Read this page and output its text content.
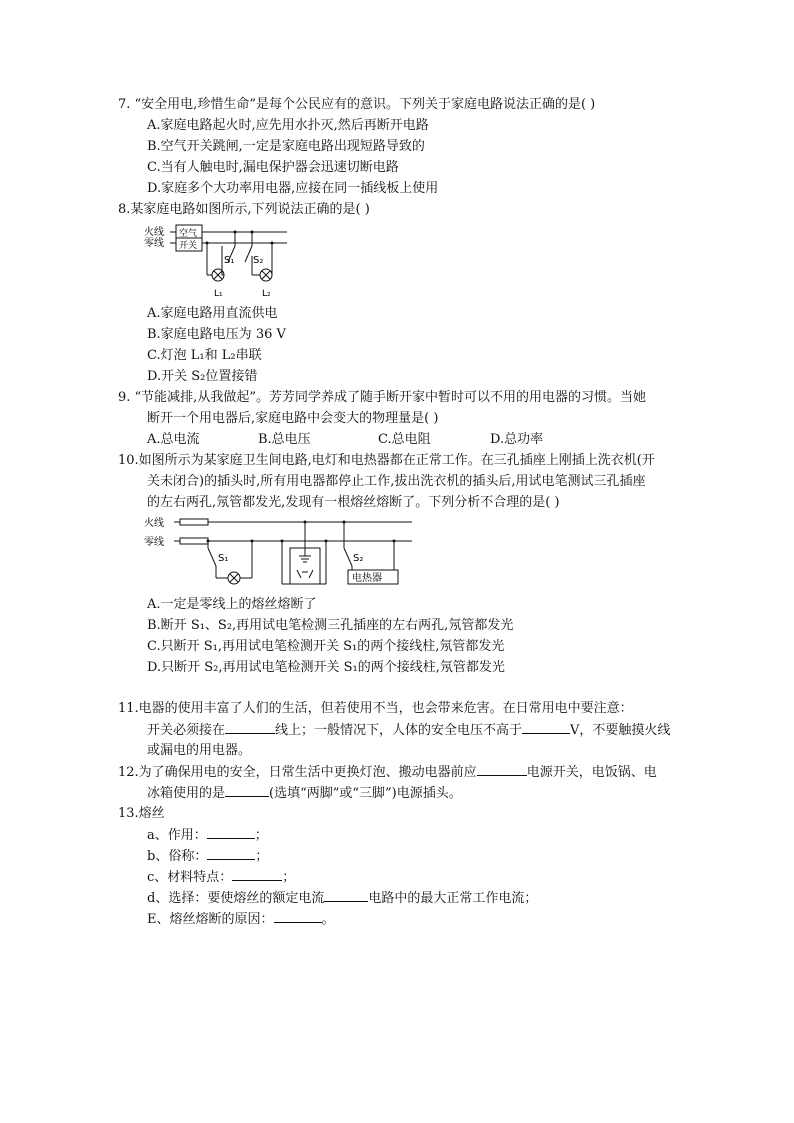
7. “安全用电,珍惜生命”是每个公民应有的意识。下列关于家庭电路说法正确的是( )
A.家庭电路起火时,应先用水扑灭,然后再断开电路
B.空气开关跳闸,一定是家庭电路出现短路导致的
C.当有人触电时,漏电保护器会迅速切断电路
D.家庭多个大功率用电器,应接在同一插线板上使用
8.某家庭电路如图所示,下列说法正确的是( )
火线
零线
空气
开关
S₁ S₂
L₁	L₂
A.家庭电路用直流供电
B.家庭电路电压为 36 V
C.灯泡 L₁和 L₂串联
D.开关 S₂位置接错
9. “节能减排,从我做起”。芳芳同学养成了随手断开家中暂时可以不用的用电器的习惯。当她
断开一个用电器后,家庭电路中会变大的物理量是( )
A.总电流	B.总电压	C.总电阻	D.总功率
10.如图所示为某家庭卫生间电路,电灯和电热器都在正常工作。在三孔插座上刚插上洗衣机(开
关未闭合)的插头时,所有用电器都停止工作,拔出洗衣机的插头后,用试电笔测试三孔插座
的左右两孔,氖管都发光,发现有一根熔丝熔断了。下列分析不合理的是( )
火线
零线
S₁	S₂
电热器
A.一定是零线上的熔丝熔断了
B.断开 S₁、S₂,再用试电笔检测三孔插座的左右两孔,氖管都发光
C.只断开 S₁,再用试电笔检测开关 S₁的两个接线柱,氖管都发光
D.只断开 S₂,再用试电笔检测开关 S₁的两个接线柱,氖管都发光
11.电器的使用丰富了人们的生活，但若使用不当，也会带来危害。在日常用电中要注意：
开关必须接在	线上；一般情况下，人体的安全电压不高于	V，不要触摸火线
或漏电的用电器。
12.为了确保用电的安全，日常生活中更换灯泡、搬动电器前应	电源开关，电饭锅、电
冰箱使用的是	(选填“两脚”或“三脚”)电源插头。
13.熔丝
a、作用：	；
b、俗称：	；
c、材料特点：	；
d、选择：要使熔丝的额定电流	电路中的最大正常工作电流；
E、熔丝熔断的原因：	。
